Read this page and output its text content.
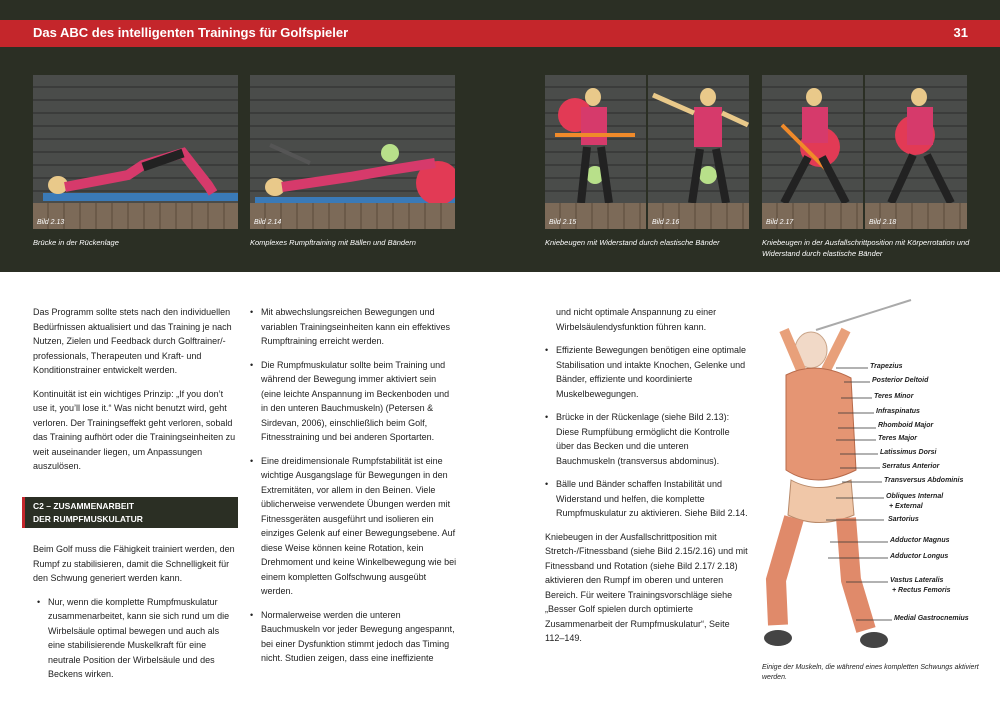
Das ABC des intelligenten Trainings für Golfspieler	31
Bild 2.13	Bild 2.14	Bild 2.15	Bild 2.16	Bild 2.17	Bild 2.18
Brücke in der Rückenlage	Komplexes Rumpftraining mit Bällen und Bändern	Kniebeugen mit Widerstand durch elastische Bänder	Kniebeugen in der Ausfallschrittposition mit Körperrotation und Widerstand durch elastische Bänder

Das Programm sollte stets nach den individuellen Bedürfnissen aktualisiert und das Training je nach Nutzen, Zielen und Feedback durch Golftrainer/-professionals, Therapeuten und Kraft- und Konditionstrainer entwickelt werden.

Kontinuität ist ein wichtiges Prinzip: „If you don’t use it, you’ll lose it.“ Was nicht benutzt wird, geht verloren. Der Trainingseffekt geht verloren, sobald das Training aufhört oder die Trainingseinheiten zu weit auseinander liegen, um Anpassungen auszulösen.

C2 – ZUSAMMENARBEIT
DER RUMPFMUSKULATUR

Beim Golf muss die Fähigkeit trainiert werden, den Rumpf zu stabilisieren, damit die Schnelligkeit für den Schwung generiert werden kann.

• Nur, wenn die komplette Rumpfmuskulatur zusammenarbeitet, kann sie sich rund um die Wirbelsäule optimal bewegen und auch als eine stabilisierende Muskelkraft für eine neutrale Position der Wirbelsäule und des Beckens wirken.
• Mit abwechslungsreichen Bewegungen und variablen Trainingseinheiten kann ein effektives Rumpftraining erreicht werden.
• Die Rumpfmuskulatur sollte beim Training und während der Bewegung immer aktiviert sein (eine leichte Anspannung im Beckenboden und in den unteren Bauchmuskeln) (Petersen & Sirdevan, 2006), einschließlich beim Golf, Fitnesstraining und bei anderen Sportarten.
• Eine dreidimensionale Rumpfstabilität ist eine wichtige Ausgangslage für Bewegungen in den Extremitäten, vor allem in den Beinen. Viele üblicherweise verwendete Übungen werden mit Fitnessgeräten ausgeführt und isolieren ein einziges Gelenk auf einer Bewegungsebene. Auf diese Weise können keine Rotation, kein Drehmoment und keine Winkelbewegung wie bei einem kompletten Golfschwung ausgeübt werden.
• Normalerweise werden die unteren Bauchmuskeln vor jeder Bewegung angespannt, bei einer Dysfunktion stimmt jedoch das Timing nicht. Studien zeigen, dass eine ineffiziente

und nicht optimale Anspannung zu einer Wirbelsäulendysfunktion führen kann.

• Effiziente Bewegungen benötigen eine optimale Stabilisation und intakte Knochen, Gelenke und Bänder, effiziente und koordinierte Muskelbewegungen.
• Brücke in der Rückenlage (siehe Bild 2.13): Diese Rumpfübung ermöglicht die Kontrolle über das Becken und die unteren Bauchmuskeln (transversus abdominus).
• Bälle und Bänder schaffen Instabilität und Widerstand und helfen, die komplette Rumpfmuskulatur zu aktivieren. Siehe Bild 2.14.

Kniebeugen in der Ausfallschrittposition mit Stretch-/Fitnessband (siehe Bild 2.15/2.16) und mit Fitnessband und Rotation (siehe Bild 2.17/ 2.18) aktivieren den Rumpf im oberen und unteren Bereich. Für weitere Trainingsvorschläge siehe „Besser Golf spielen durch optimierte Zusammenarbeit der Rumpfmuskulatur“, Seite 112–149.

Trapezius
Posterior Deltoid
Teres Minor
Infraspinatus
Rhomboid Major
Teres Major
Latissimus Dorsi
Serratus Anterior
Transversus Abdominis
Obliques Internal
+ External
Sartorius
Adductor Magnus
Adductor Longus
Vastus Lateralis
+ Rectus Femoris
Medial Gastrocnemius
Einige der Muskeln, die während eines kompletten Schwungs aktiviert werden.
